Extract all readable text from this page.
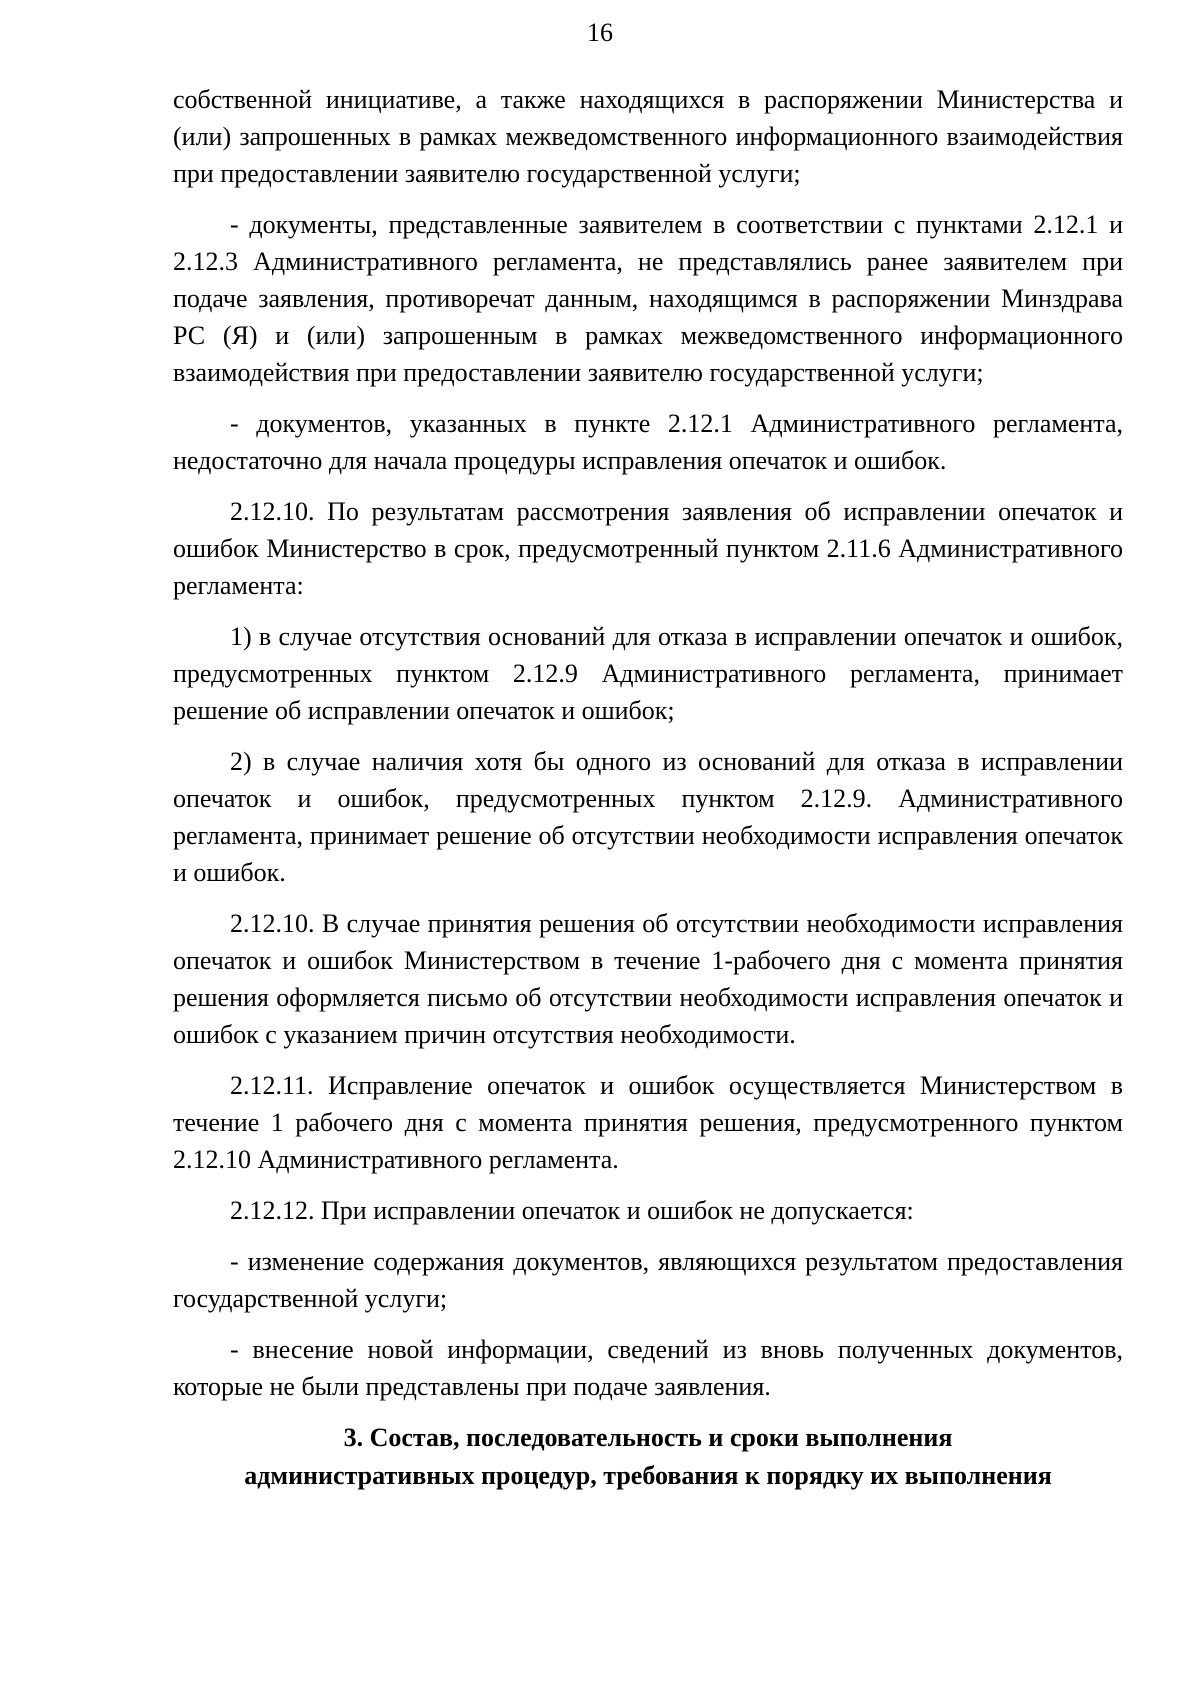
16

собственной инициативе, а также находящихся в распоряжении Министерства и (или) запрошенных в рамках межведомственного информационного взаимодействия при предоставлении заявителю государственной услуги;

- документы, представленные заявителем в соответствии с пунктами 2.12.1 и 2.12.3 Административного регламента, не представлялись ранее заявителем при подаче заявления, противоречат данным, находящимся в распоряжении Минздрава РС (Я) и (или) запрошенным в рамках межведомственного информационного взаимодействия при предоставлении заявителю государственной услуги;

- документов, указанных в пункте 2.12.1 Административного регламента, недостаточно для начала процедуры исправления опечаток и ошибок.

2.12.10. По результатам рассмотрения заявления об исправлении опечаток и ошибок Министерство в срок, предусмотренный пунктом 2.11.6 Административного регламента:

1) в случае отсутствия оснований для отказа в исправлении опечаток и ошибок, предусмотренных пунктом 2.12.9 Административного регламента, принимает решение об исправлении опечаток и ошибок;

2) в случае наличия хотя бы одного из оснований для отказа в исправлении опечаток и ошибок, предусмотренных пунктом 2.12.9. Административного регламента, принимает решение об отсутствии необходимости исправления опечаток и ошибок.

2.12.10. В случае принятия решения об отсутствии необходимости исправления опечаток и ошибок Министерством в течение 1-рабочего дня с момента принятия решения оформляется письмо об отсутствии необходимости исправления опечаток и ошибок с указанием причин отсутствия необходимости.

2.12.11. Исправление опечаток и ошибок осуществляется Министерством в течение 1 рабочего дня с момента принятия решения, предусмотренного пунктом 2.12.10 Административного регламента.

2.12.12. При исправлении опечаток и ошибок не допускается:

- изменение содержания документов, являющихся результатом предоставления государственной услуги;

- внесение новой информации, сведений из вновь полученных документов, которые не были представлены при подаче заявления.

3. Состав, последовательность и сроки выполнения
административных процедур, требования к порядку их выполнения
